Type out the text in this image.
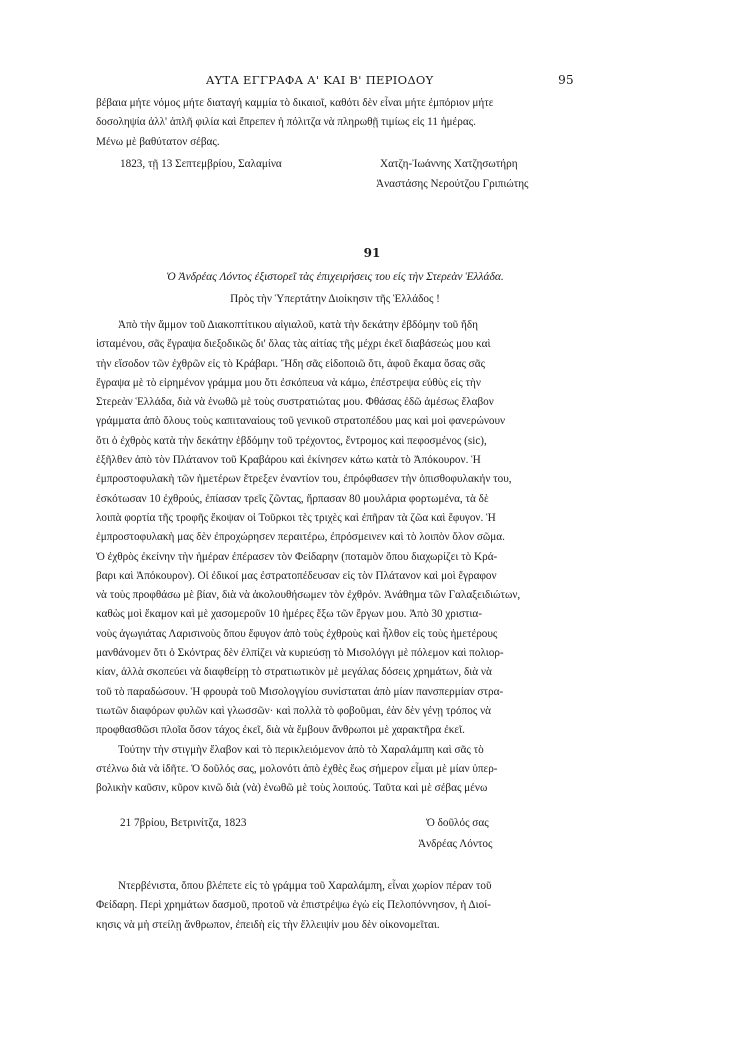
ΑΥΤΑ ΕΓΓΡΑΦΑ Α' ΚΑΙ Β' ΠΕΡΙΟΔΟΥ	95

βέβαια μήτε νόμος μήτε διαταγή καμμία τὸ δικαιοῖ, καθότι δὲν εἶναι μήτε ἐμπόριον μήτε

δοσοληψία ἀλλ' ἁπλῆ φιλία καὶ ἔπρεπεν ἡ πόλιτζα νὰ πληρωθῇ τιμίως εἰς 11 ἡμέρας.

Μένω μὲ βαθύτατον σέβας.

1823, τῇ 13 Σεπτεμβρίου, Σαλαμίνα	Χατζη-Ἰωάννης Χατζησωτήρη
Ἀναστάσης Νερούτζου Γριπιώτης
91
Ὁ Ἀνδρέας Λόντος ἐξιστορεῖ τὰς ἐπιχειρήσεις του εἰς τὴν Στερεὰν Ἑλλάδα.
Πρὸς τὴν Ὑπερτάτην Διοίκησιν τῆς Ἑλλάδος !

Ἀπὸ τὴν ἄμμον τοῦ Διακοπτίτικου αἰγιαλοῦ, κατὰ τὴν δεκάτην ἑβδόμην τοῦ ἤδη

ἱσταμένου, σᾶς ἔγραψα διεξοδικῶς δι' ὅλας τὰς αἰτίας τῆς μέχρι ἐκεῖ διαβάσεώς μου καὶ

τὴν εἴσοδον τῶν ἐχθρῶν εἰς τὸ Κράβαρι. Ἤδη σᾶς εἰδοποιῶ ὅτι, ἀφοῦ ἔκαμα ὅσας σᾶς

ἔγραψα μὲ τὸ εἰρημένον γράμμα μου ὅτι ἐσκόπευα νὰ κάμω, ἐπέστρεψα εὐθὺς εἰς τὴν

Στερεὰν Ἑλλάδα, διὰ νὰ ἑνωθῶ μὲ τοὺς συστρατιώτας μου. Φθάσας ἐδῶ ἀμέσως ἔλαβον

γράμματα ἀπὸ ὅλους τοὺς καπιταναίους τοῦ γενικοῦ στρατοπέδου μας καὶ μοὶ φανερώνουν

ὅτι ὁ ἐχθρὸς κατὰ τὴν δεκάτην ἑβδόμην τοῦ τρέχοντος, ἔντρομος καὶ πεφοσμένος (sic),

ἐξῆλθεν ἀπὸ τὸν Πλάτανον τοῦ Κραβάρου καὶ ἐκίνησεν κάτω κατὰ τὸ Ἀπόκουρον. Ἡ

ἐμπροστοφυλακὴ τῶν ἡμετέρων ἔτρεξεν ἐναντίον του, ἐπρόφθασεν τὴν ὀπισθοφυλακήν του,

ἐσκότωσαν 10 ἐχθρούς, ἐπίασαν τρεῖς ζῶντας, ἥρπασαν 80 μουλάρια φορτωμένα, τὰ δὲ

λοιπὰ φορτία τῆς τροφῆς ἔκοψαν οἱ Τοῦρκοι τὲς τριχὲς καὶ ἐπῆραν τὰ ζῶα καὶ ἔφυγον. Ἡ

ἐμπροστοφυλακὴ μας δὲν ἐπροχώρησεν περαιτέρω, ἐπρόσμεινεν καὶ τὸ λοιπὸν ὅλον σῶμα.

Ὁ ἐχθρὸς ἐκείνην τὴν ἡμέραν ἐπέρασεν τὸν Φείδαρην (ποταμὸν ὅπου διαχωρίζει τὸ Κρά-

βαρι καὶ Ἀπόκουρον). Οἱ ἐδικοί μας ἐστρατοπέδευσαν εἰς τὸν Πλάτανον καὶ μοὶ ἔγραφον

νὰ τοὺς προφθάσω μὲ βίαν, διὰ νὰ ἀκολουθήσωμεν τὸν ἐχθρόν. Ἀνάθημα τῶν Γαλαξειδιώτων,

καθὼς μοὶ ἔκαμον καὶ μὲ χασομεροῦν 10 ἡμέρες ἔξω τῶν ἔργων μου. Ἀπὸ 30 χριστια-

νοὺς ἀγωγιάτας Λαρισινοὺς ὅπου ἔφυγον ἀπὸ τοὺς ἐχθροὺς καὶ ἦλθον εἰς τοὺς ἡμετέρους

μανθάνομεν ὅτι ὁ Σκόντρας δὲν ἐλπίζει νὰ κυριεύσῃ τὸ Μισολόγγι μὲ πόλεμον καὶ πολιορ-

κίαν, ἀλλὰ σκοπεύει νὰ διαφθείρῃ τὸ στρατιωτικὸν μὲ μεγάλας δόσεις χρημάτων, διὰ νὰ

τοῦ τὸ παραδώσουν. Ἡ φρουρὰ τοῦ Μισολογγίου συνίσταται ἀπὸ μίαν πανσπερμίαν στρα-

τιωτῶν διαφόρων φυλῶν καὶ γλωσσῶν· καὶ πολλὰ τὸ φοβοῦμαι, ἐὰν δὲν γένῃ τρόπος νὰ

προφθασθῶσι πλοῖα ὅσον τάχος ἐκεῖ, διὰ νὰ ἔμβουν ἄνθρωποι μὲ χαρακτῆρα ἐκεῖ.

Τούτην τὴν στιγμὴν ἔλαβον καὶ τὸ περικλειόμενον ἀπὸ τὸ Χαραλάμπη καὶ σᾶς τὸ

στέλνω διὰ νὰ ἰδῆτε. Ὁ δοῦλός σας, μολονότι ἀπὸ ἐχθὲς ἕως σήμερον εἶμαι μὲ μίαν ὑπερ-

βολικὴν καῦσιν, κῦρον κινῶ διὰ (νὰ) ἑνωθῶ μὲ τοὺς λοιπούς. Ταῦτα καὶ μὲ σέβας μένω

21 7βρίου, Βετρινίτζα, 1823	Ὁ δοῦλός σας
Ἀνδρέας Λόντος

Ντερβένιστα, ὅπου βλέπετε εἰς τὸ γράμμα τοῦ Χαραλάμπη, εἶναι χωρίον πέραν τοῦ

Φείδαρη. Περὶ χρημάτων δασμοῦ, προτοῦ νὰ ἐπιστρέψω ἐγὼ εἰς Πελοπόννησον, ἡ Διοί-

κησις νὰ μὴ στείλῃ ἄνθρωπον, ἐπειδὴ εἰς τὴν ἔλλειψίν μου δὲν οἰκονομεῖται.
